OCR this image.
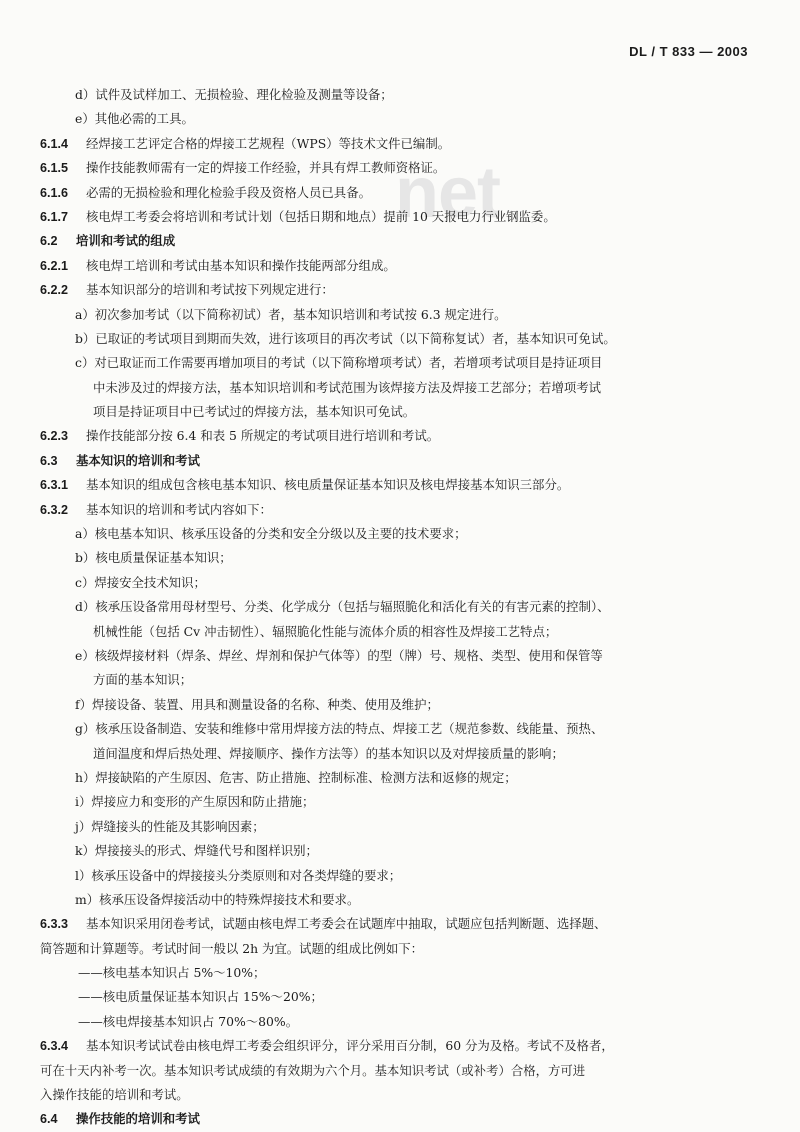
DL / T 833 — 2003
net
d）试件及试样加工、无损检验、理化检验及测量等设备；
e）其他必需的工具。
6.1.4 经焊接工艺评定合格的焊接工艺规程（WPS）等技术文件已编制。
6.1.5 操作技能教师需有一定的焊接工作经验，并具有焊工教师资格证。
6.1.6 必需的无损检验和理化检验手段及资格人员已具备。
6.1.7 核电焊工考委会将培训和考试计划（包括日期和地点）提前 10 天报电力行业钢监委。
6.2 培训和考试的组成
6.2.1 核电焊工培训和考试由基本知识和操作技能两部分组成。
6.2.2 基本知识部分的培训和考试按下列规定进行：
a）初次参加考试（以下简称初试）者，基本知识培训和考试按 6.3 规定进行。
b）已取证的考试项目到期而失效，进行该项目的再次考试（以下简称复试）者，基本知识可免试。
c）对已取证而工作需要再增加项目的考试（以下简称增项考试）者，若增项考试项目是持证项目
中未涉及过的焊接方法，基本知识培训和考试范围为该焊接方法及焊接工艺部分；若增项考试
项目是持证项目中已考试过的焊接方法，基本知识可免试。
6.2.3 操作技能部分按 6.4 和表 5 所规定的考试项目进行培训和考试。
6.3 基本知识的培训和考试
6.3.1 基本知识的组成包含核电基本知识、核电质量保证基本知识及核电焊接基本知识三部分。
6.3.2 基本知识的培训和考试内容如下：
a）核电基本知识、核承压设备的分类和安全分级以及主要的技术要求；
b）核电质量保证基本知识；
c）焊接安全技术知识；
d）核承压设备常用母材型号、分类、化学成分（包括与辐照脆化和活化有关的有害元素的控制）、
机械性能（包括 Cv 冲击韧性）、辐照脆化性能与流体介质的相容性及焊接工艺特点；
e）核级焊接材料（焊条、焊丝、焊剂和保护气体等）的型（牌）号、规格、类型、使用和保管等
方面的基本知识；
f）焊接设备、装置、用具和测量设备的名称、种类、使用及维护；
g）核承压设备制造、安装和维修中常用焊接方法的特点、焊接工艺（规范参数、线能量、预热、
道间温度和焊后热处理、焊接顺序、操作方法等）的基本知识以及对焊接质量的影响；
h）焊接缺陷的产生原因、危害、防止措施、控制标准、检测方法和返修的规定；
i）焊接应力和变形的产生原因和防止措施；
j）焊缝接头的性能及其影响因素；
k）焊接接头的形式、焊缝代号和图样识别；
l）核承压设备中的焊接接头分类原则和对各类焊缝的要求；
m）核承压设备焊接活动中的特殊焊接技术和要求。
6.3.3 基本知识采用闭卷考试，试题由核电焊工考委会在试题库中抽取，试题应包括判断题、选择题、
简答题和计算题等。考试时间一般以 2h 为宜。试题的组成比例如下：
——核电基本知识占 5%～10%；
——核电质量保证基本知识占 15%～20%；
——核电焊接基本知识占 70%～80%。
6.3.4 基本知识考试试卷由核电焊工考委会组织评分，评分采用百分制，60 分为及格。考试不及格者，
可在十天内补考一次。基本知识考试成绩的有效期为六个月。基本知识考试（或补考）合格，方可进
入操作技能的培训和考试。
6.4 操作技能的培训和考试
